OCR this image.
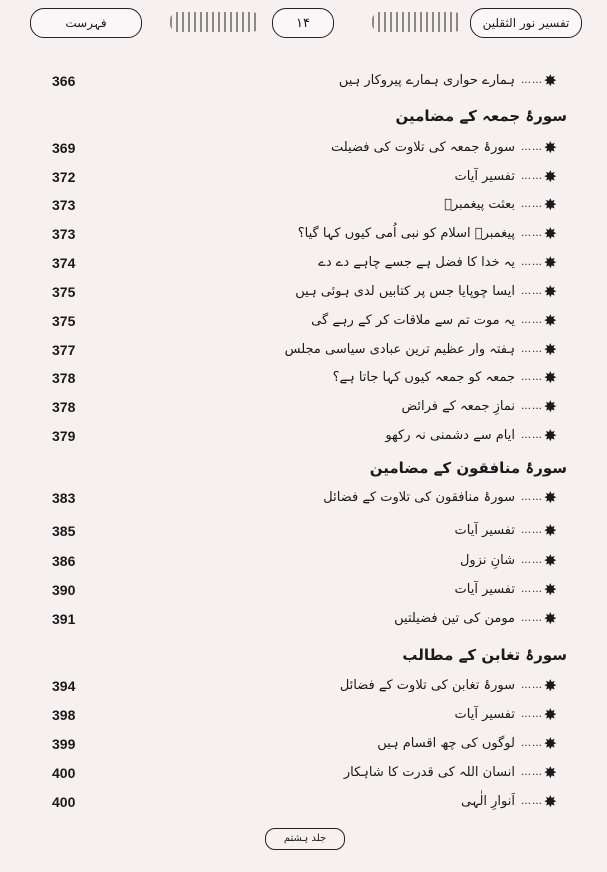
تفسیر نور الثقلین
۱۴
فہرست
✸
……
ہمارے حواری ہمارے پیروکار ہیں
366
سورۂ جمعہ کے مضامین
✸
……
سورۂ جمعہ کی تلاوت کی فضیلت
369
✸
……
تفسیر آیات
372
✸
……
بعثت پیغمبرؐ
373
✸
……
پیغمبرؐ اسلام کو نبی اُمی کیوں کہا گیا؟
373
✸
……
یہ خدا کا فضل ہے جسے چاہے دے دے
374
✸
……
ایسا چوپایا جس پر کتابیں لدی ہوئی ہیں
375
✸
……
یہ موت تم سے ملاقات کر کے رہے گی
375
✸
……
ہفتہ وار عظیم ترین عبادی سیاسی مجلس
377
✸
……
جمعہ کو جمعہ کیوں کہا جاتا ہے؟
378
✸
……
نمازِ جمعہ کے فرائض
378
✸
……
ایام سے دشمنی نہ رکھو
379
سورۂ منافقون کے مضامین
✸
……
سورۂ منافقون کی تلاوت کے فضائل
383
✸
……
تفسیر آیات
385
✸
……
شانِ نزول
386
✸
……
تفسیر آیات
390
✸
……
مومن کی تین فضیلتیں
391
سورۂ تغابن کے مطالب
✸
……
سورۂ تغابن کی تلاوت کے فضائل
394
✸
……
تفسیر آیات
398
✸
……
لوگوں کی چھ اقسام ہیں
399
✸
……
انسان اللہ کی قدرت کا شاہکار
400
✸
……
اَنوارِ الٰہی
400
جلد ہشتم
